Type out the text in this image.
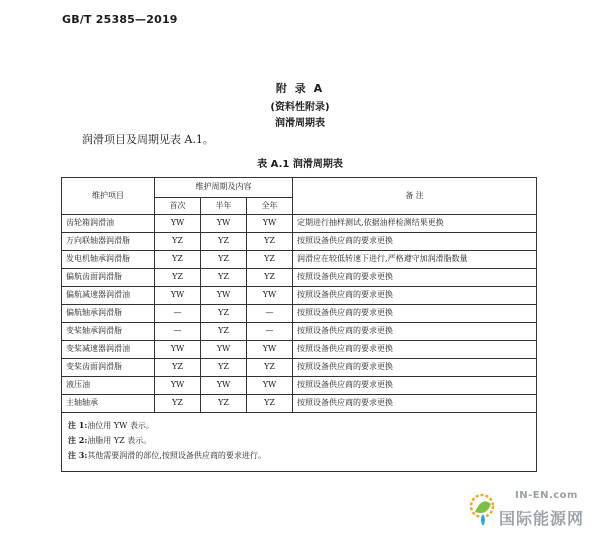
GB/T 25385—2019
附 录 A
(资料性附录)
润滑周期表
润滑项目及周期见表 A.1。
表 A.1 润滑周期表
维护项目	维护周期及内容			备 注
	首次	半年	全年	
齿轮箱润滑油	YW	YW	YW	定期进行抽样测试,依据油样检测结果更换
万向联轴器润滑脂	YZ	YZ	YZ	按照设备供应商的要求更换
发电机轴承润滑脂	YZ	YZ	YZ	润滑应在较低转速下进行,严格遵守加润滑脂数量
偏航齿面润滑脂	YZ	YZ	YZ	按照设备供应商的要求更换
偏航减速器润滑油	YW	YW	YW	按照设备供应商的要求更换
偏航轴承润滑脂	—	YZ	—	按照设备供应商的要求更换
变桨轴承润滑脂	—	YZ	—	按照设备供应商的要求更换
变桨减速器润滑油	YW	YW	YW	按照设备供应商的要求更换
变桨齿面润滑脂	YZ	YZ	YZ	按照设备供应商的要求更换
液压油	YW	YW	YW	按照设备供应商的要求更换
主轴轴承	YZ	YZ	YZ	按照设备供应商的要求更换

注 1:油位用 YW 表示。
注 2:油脂用 YZ 表示。
注 3:其他需要润滑的部位,按照设备供应商的要求进行。				
IN-EN.com
国际能源网
